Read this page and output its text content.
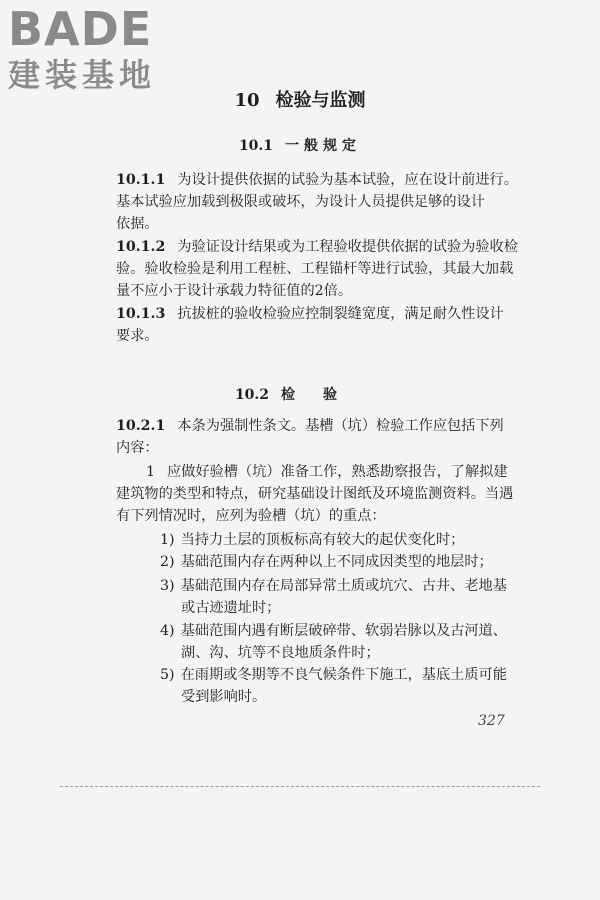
BADE
建装基地
10 检验与监测
10.1 一般规定
10.1.1 为设计提供依据的试验为基本试验，应在设计前进行。
基本试验应加载到极限或破坏，为设计人员提供足够的设计
依据。
10.1.2 为验证设计结果或为工程验收提供依据的试验为验收检
验。验收检验是利用工程桩、工程锚杆等进行试验，其最大加载
量不应小于设计承载力特征值的2倍。
10.1.3 抗拔桩的验收检验应控制裂缝宽度，满足耐久性设计
要求。
10.2 检验
10.2.1 本条为强制性条文。基槽（坑）检验工作应包括下列
内容：
1 应做好验槽（坑）准备工作，熟悉勘察报告，了解拟建
建筑物的类型和特点，研究基础设计图纸及环境监测资料。当遇
有下列情况时，应列为验槽（坑）的重点：
1) 当持力土层的顶板标高有较大的起伏变化时；
2) 基础范围内存在两种以上不同成因类型的地层时；
3) 基础范围内存在局部异常土质或坑穴、古井、老地基
或古迹遗址时；
4) 基础范围内遇有断层破碎带、软弱岩脉以及古河道、
湖、沟、坑等不良地质条件时；
5) 在雨期或冬期等不良气候条件下施工，基底土质可能
受到影响时。
327
